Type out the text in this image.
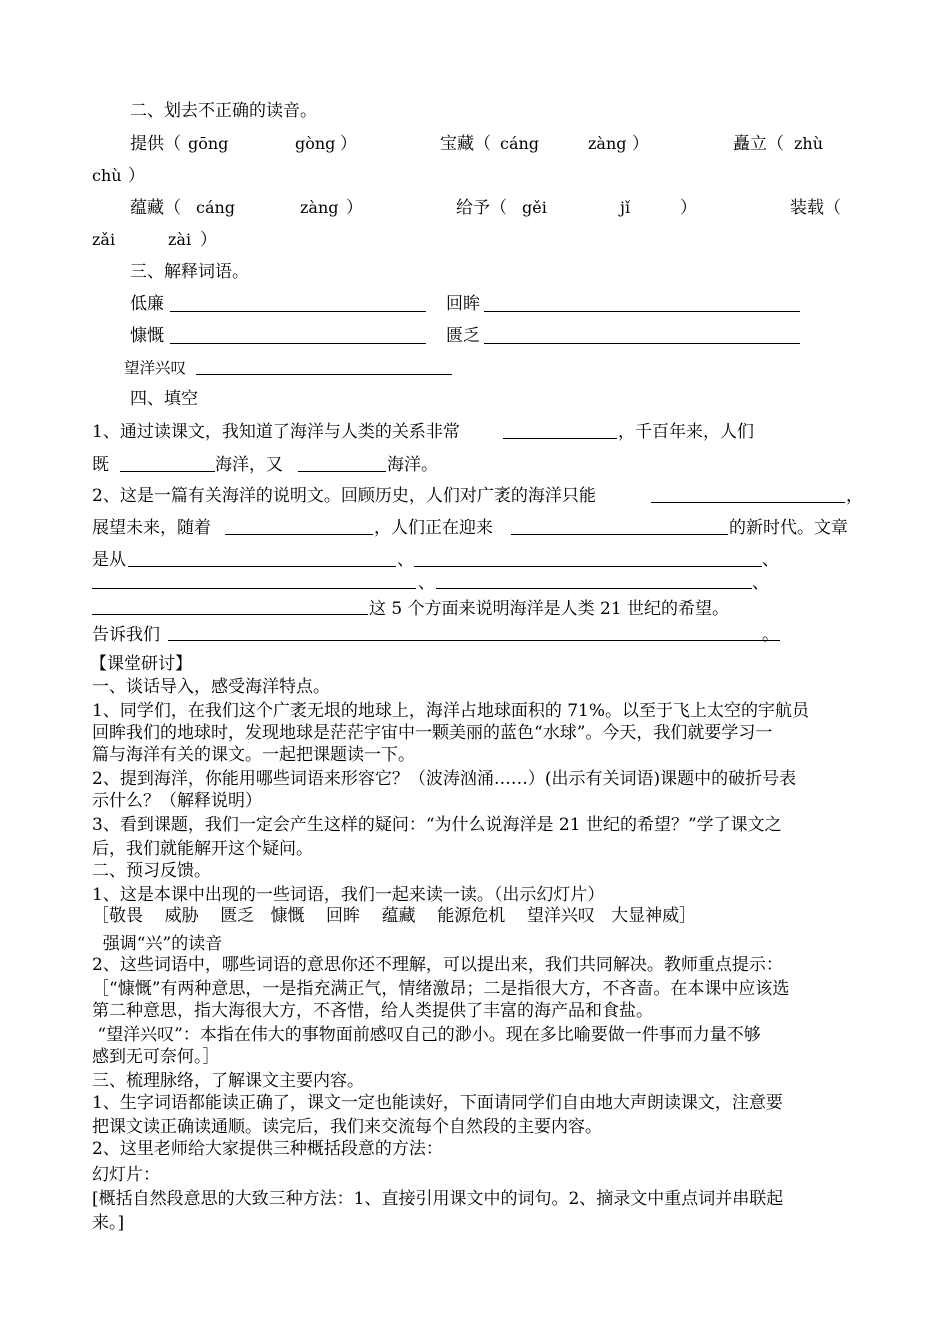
二、划去不正确的读音。
提供（ gōng	gòng ）	宝藏（ cáng	zàng ）	矗立（ zhù
chù ）
蕴藏（ cáng	zàng ）	给予（ gěi	jǐ	）	装载（
zǎi	zài ）
三、解释词语。
低廉	回眸
慷慨	匮乏
望洋兴叹
四、填空
1、通过读课文，我知道了海洋与人类的关系非常	，千百年来，人们
既	海洋，又	海洋。
2、这是一篇有关海洋的说明文。回顾历史，人们对广袤的海洋只能	，
展望未来，随着	，人们正在迎来	的新时代。文章
是从	、	、
、	、
这 5 个方面来说明海洋是人类 21 世纪的希望。
告诉我们	。
【课堂研讨】
一、谈话导入，感受海洋特点。
1、同学们，在我们这个广袤无垠的地球上，海洋占地球面积的 71%。以至于飞上太空的宇航员
回眸我们的地球时，发现地球是茫茫宇宙中一颗美丽的蓝色“水球”。今天，我们就要学习一
篇与海洋有关的课文。一起把课题读一下。
2、提到海洋，你能用哪些词语来形容它？（波涛汹涌……）(出示有关词语)课题中的破折号表
示什么？（解释说明）
3、看到课题，我们一定会产生这样的疑问：“为什么说海洋是 21 世纪的希望？”学了课文之
后，我们就能解开这个疑问。
二、预习反馈。
1、这是本课中出现的一些词语，我们一起来读一读。（出示幻灯片）
［敬畏    威胁    匮乏   慷慨    回眸    蕴藏    能源危机    望洋兴叹   大显神威］
强调“兴”的读音
2、这些词语中，哪些词语的意思你还不理解，可以提出来，我们共同解决。教师重点提示：
［“慷慨”有两种意思，一是指充满正气，情绪激昂；二是指很大方，不吝啬。在本课中应该选
第二种意思，指大海很大方，不吝惜，给人类提供了丰富的海产品和食盐。
“望洋兴叹”：本指在伟大的事物面前感叹自己的渺小。现在多比喻要做一件事而力量不够
感到无可奈何。］
三、梳理脉络，了解课文主要内容。
1、生字词语都能读正确了，课文一定也能读好，下面请同学们自由地大声朗读课文，注意要
把课文读正确读通顺。读完后，我们来交流每个自然段的主要内容。
2、这里老师给大家提供三种概括段意的方法：
幻灯片：
[概括自然段意思的大致三种方法：1、直接引用课文中的词句。2、摘录文中重点词并串联起
来。]
